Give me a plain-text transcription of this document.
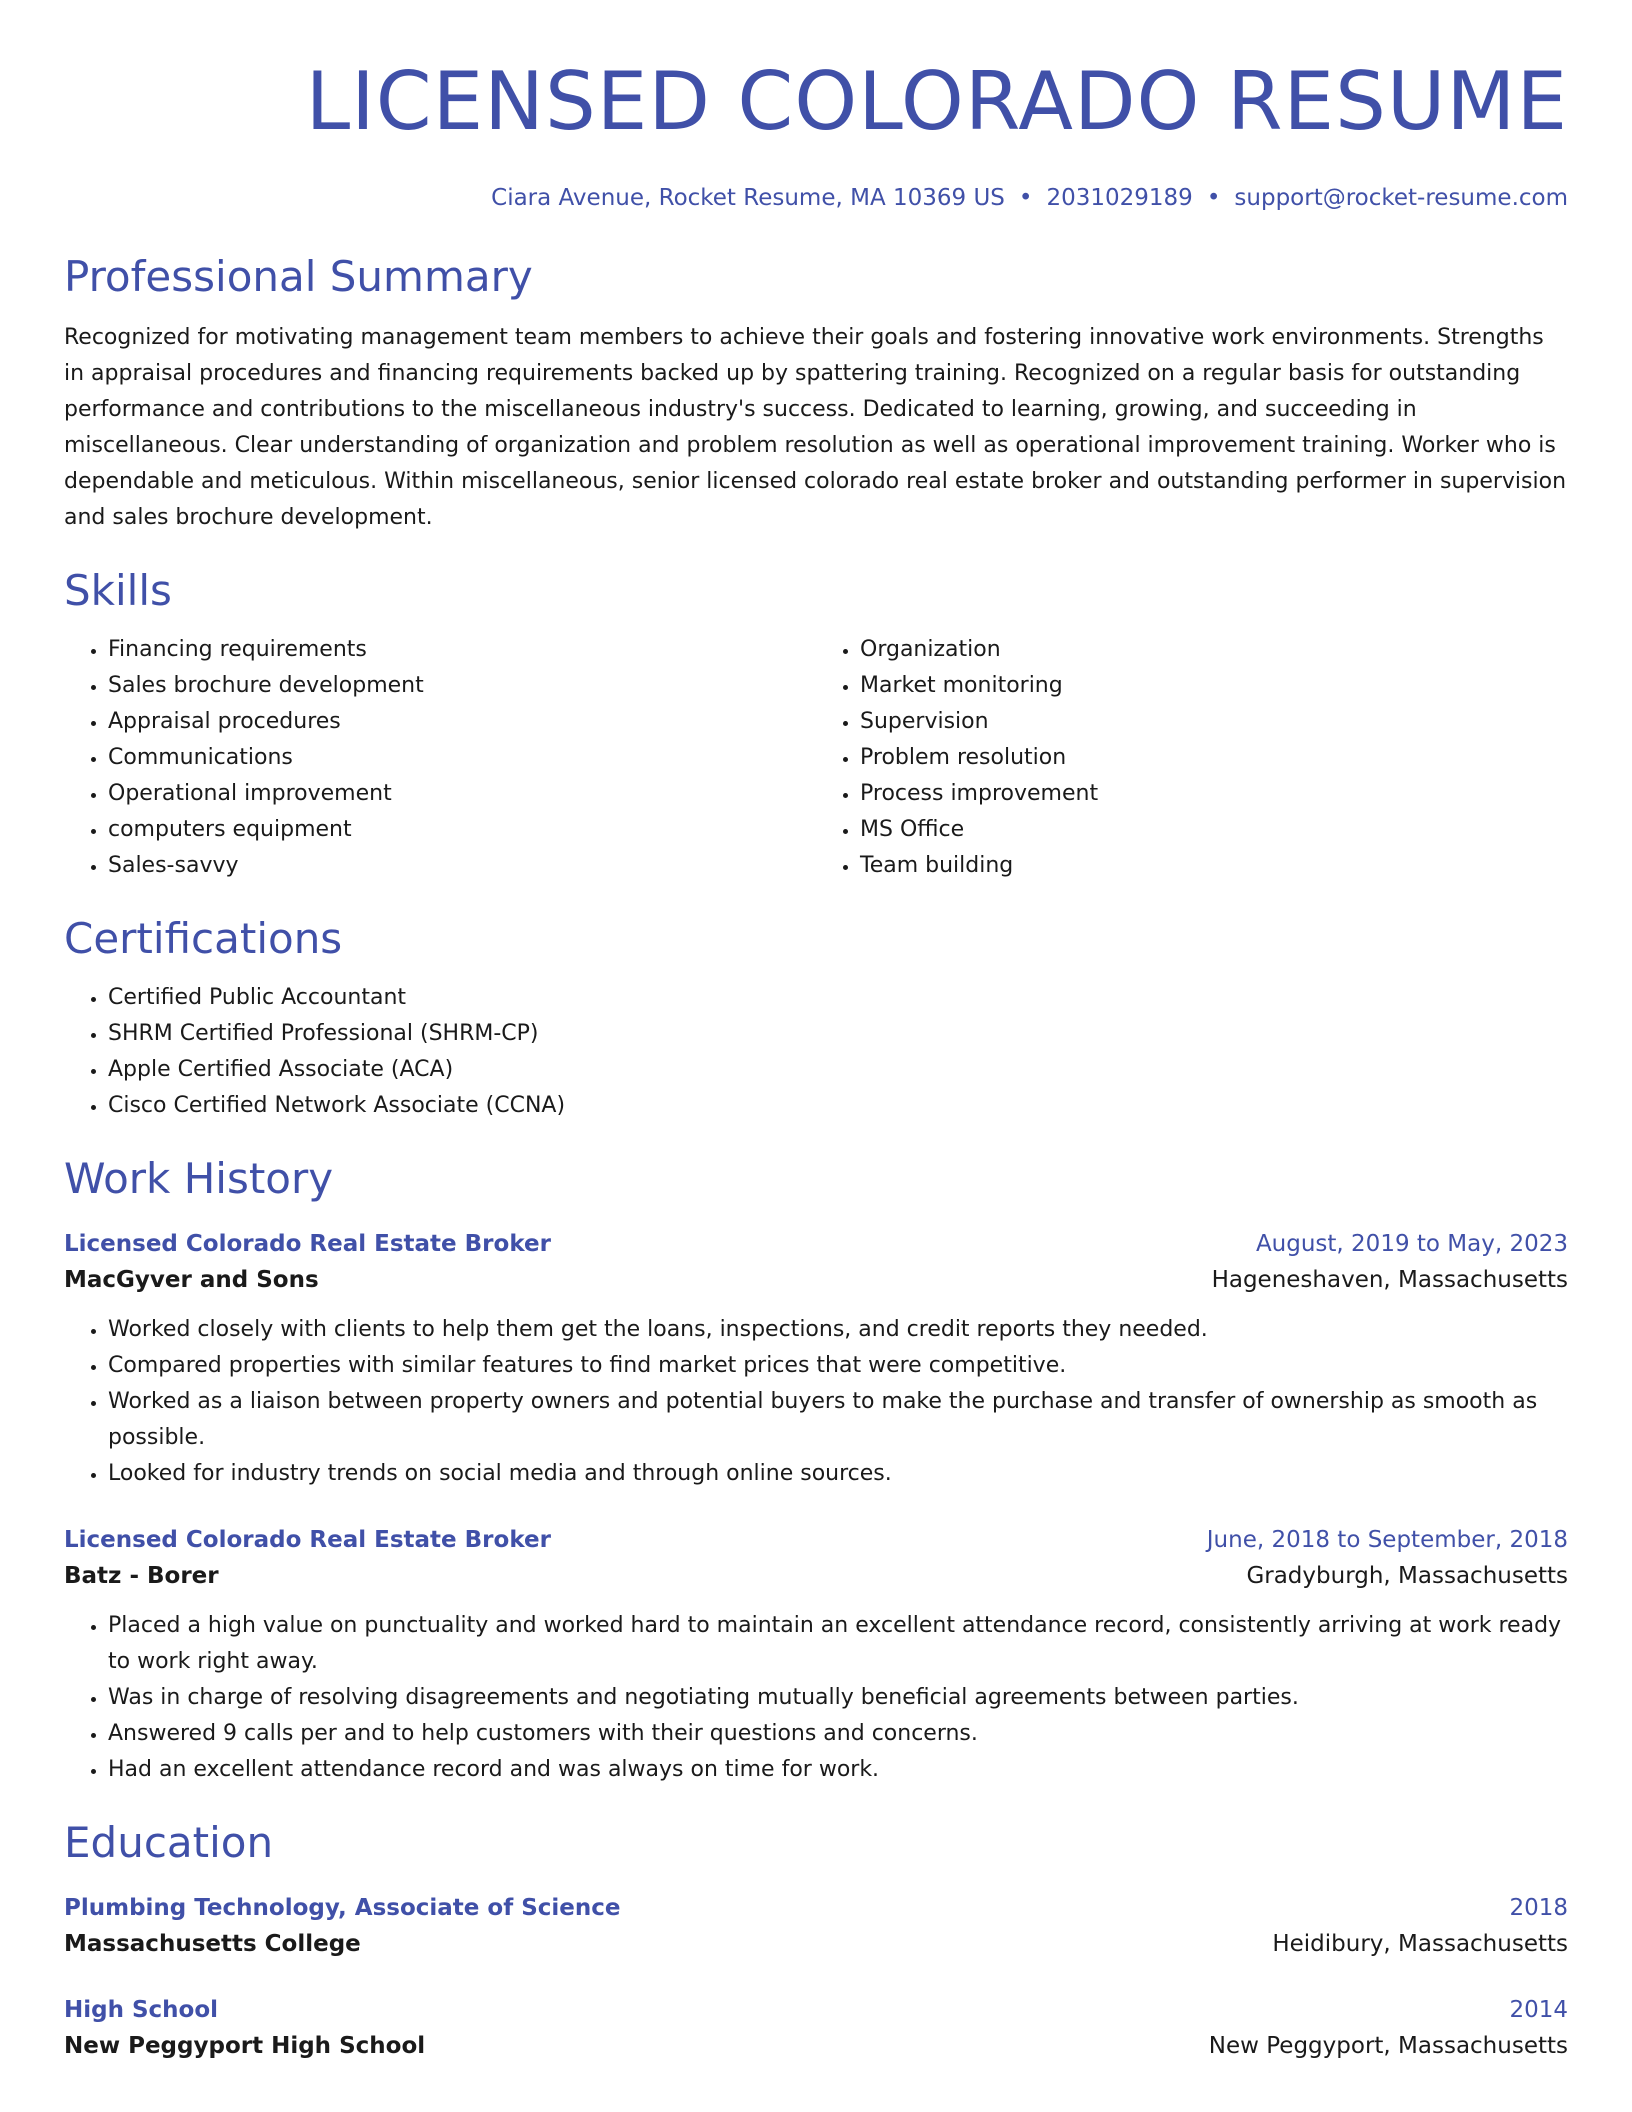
LICENSED COLORADO RESUME
Ciara Avenue, Rocket Resume, MA 10369 US • 2031029189 • support@rocket-resume.com
Professional Summary

Recognized for motivating management team members to achieve their goals and fostering innovative work environments. Strengths in appraisal procedures and financing requirements backed up by spattering training. Recognized on a regular basis for outstanding performance and contributions to the miscellaneous industry's success. Dedicated to learning, growing, and succeeding in miscellaneous. Clear understanding of organization and problem resolution as well as operational improvement training. Worker who is dependable and meticulous. Within miscellaneous, senior licensed colorado real estate broker and outstanding performer in supervision and sales brochure development.

Skills
• Financing requirements
• Sales brochure development
• Appraisal procedures
• Communications
• Operational improvement
• computers equipment
• Sales-savvy
• Organization
• Market monitoring
• Supervision
• Problem resolution
• Process improvement
• MS Office
• Team building
Certifications
• Certified Public Accountant
• SHRM Certified Professional (SHRM-CP)
• Apple Certified Associate (ACA)
• Cisco Certified Network Associate (CCNA)
Work History
Licensed Colorado Real Estate Broker	August, 2019 to May, 2023
MacGyver and Sons	Hageneshaven, Massachusetts
• Worked closely with clients to help them get the loans, inspections, and credit reports they needed.
• Compared properties with similar features to find market prices that were competitive.
• Worked as a liaison between property owners and potential buyers to make the purchase and transfer of ownership as smooth as possible.
• Looked for industry trends on social media and through online sources.
Licensed Colorado Real Estate Broker	June, 2018 to September, 2018
Batz - Borer	Gradyburgh, Massachusetts
• Placed a high value on punctuality and worked hard to maintain an excellent attendance record, consistently arriving at work ready to work right away.
• Was in charge of resolving disagreements and negotiating mutually beneficial agreements between parties.
• Answered 9 calls per and to help customers with their questions and concerns.
• Had an excellent attendance record and was always on time for work.
Education
Plumbing Technology, Associate of Science	2018
Massachusetts College	Heidibury, Massachusetts
High School	2014
New Peggyport High School	New Peggyport, Massachusetts
